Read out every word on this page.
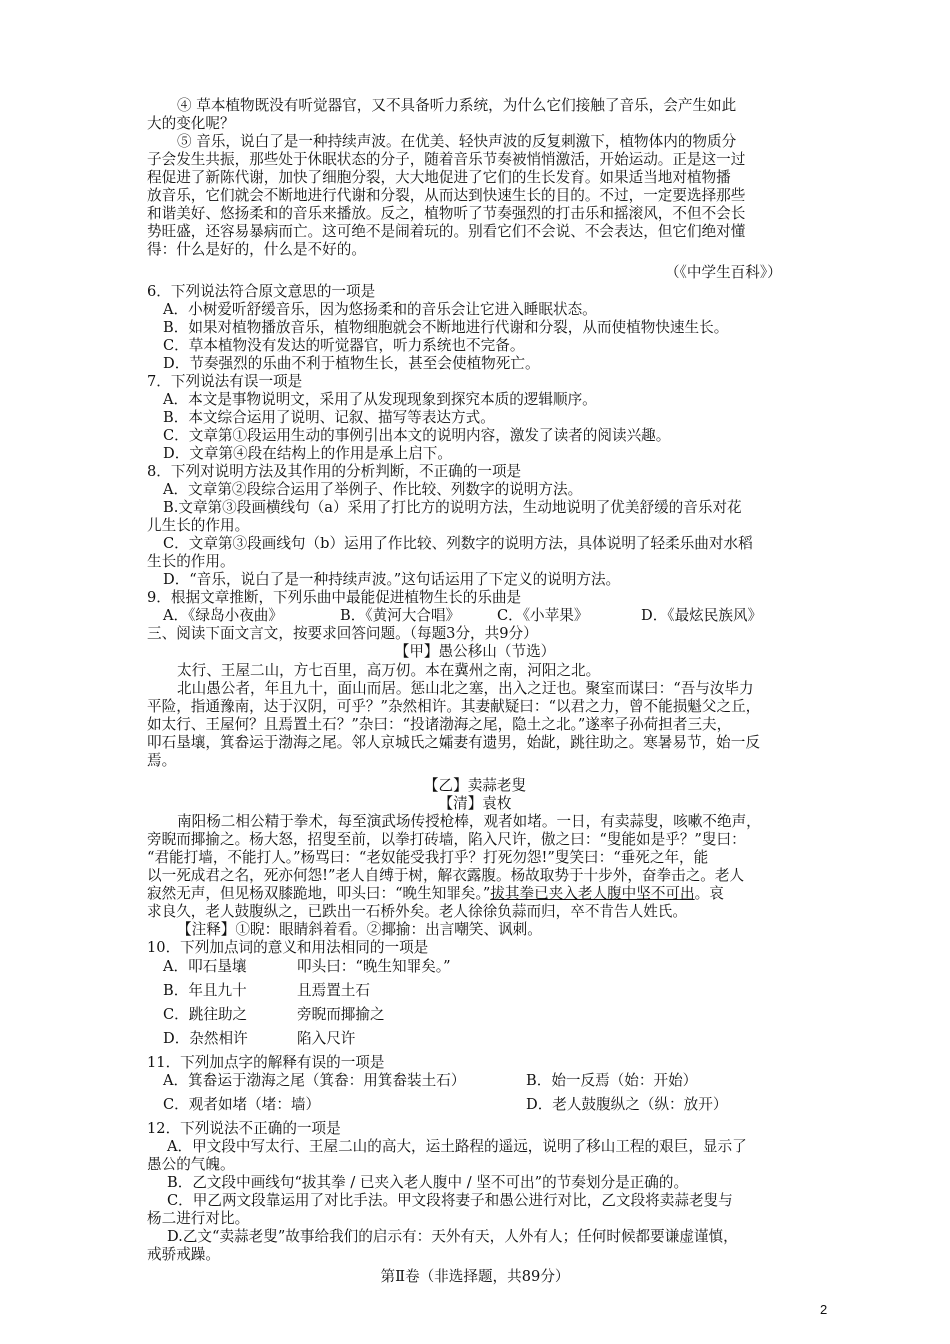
④ 草本植物既没有听觉器官，又不具备听力系统，为什么它们接触了音乐，会产生如此
大的变化呢？
⑤ 音乐，说白了是一种持续声波。在优美、轻快声波的反复刺激下，植物体内的物质分
子会发生共振，那些处于休眠状态的分子，随着音乐节奏被悄悄激活，开始运动。正是这一过
程促进了新陈代谢，加快了细胞分裂，大大地促进了它们的生长发育。如果适当地对植物播
放音乐，它们就会不断地进行代谢和分裂，从而达到快速生长的目的。不过，一定要选择那些
和谐美好、悠扬柔和的音乐来播放。反之，植物听了节奏强烈的打击乐和摇滚风，不但不会长
势旺盛，还容易暴病而亡。这可绝不是闹着玩的。别看它们不会说、不会表达，但它们绝对懂
得：什么是好的，什么是不好的。
（《中学生百科》）
6．下列说法符合原文意思的一项是
A．小树爱听舒缓音乐，因为悠扬柔和的音乐会让它进入睡眠状态。
B．如果对植物播放音乐，植物细胞就会不断地进行代谢和分裂，从而使植物快速生长。
C．草本植物没有发达的听觉器官，听力系统也不完备。
D．节奏强烈的乐曲不利于植物生长，甚至会使植物死亡。
7．下列说法有误一项是
A．本文是事物说明文，采用了从发现现象到探究本质的逻辑顺序。
B．本文综合运用了说明、记叙、描写等表达方式。
C．文章第①段运用生动的事例引出本文的说明内容，激发了读者的阅读兴趣。
D．文章第④段在结构上的作用是承上启下。
8．下列对说明方法及其作用的分析判断，不正确的一项是
A．文章第②段综合运用了举例子、作比较、列数字的说明方法。
B.文章第③段画横线句（a）采用了打比方的说明方法，生动地说明了优美舒缓的音乐对花
儿生长的作用。
C．文章第③段画线句（b）运用了作比较、列数字的说明方法，具体说明了轻柔乐曲对水稻
生长的作用。
D．“音乐，说白了是一种持续声波。”这句话运用了下定义的说明方法。
9．根据文章推断，下列乐曲中最能促进植物生长的乐曲是
A．《绿岛小夜曲》	B．《黄河大合唱》	C．《小苹果》	D．《最炫民族风》
三、阅读下面文言文，按要求回答问题。（每题3分，共9分）
【甲】愚公移山（节选）
太行、王屋二山，方七百里，高万仞。本在冀州之南，河阳之北。
北山愚公者，年且九十，面山而居。惩山北之塞，出入之迂也。聚室而谋曰：“吾与汝毕力
平险，指通豫南，达于汉阴，可乎？”杂然相许。其妻献疑曰：“以君之力，曾不能损魁父之丘，
如太行、王屋何？且焉置土石？”杂曰：“投诸渤海之尾，隐土之北。”遂率子孙荷担者三夫，
叩石垦壤，箕畚运于渤海之尾。邻人京城氏之孀妻有遗男，始龀，跳往助之。寒暑易节，始一反
焉。
【乙】卖蒜老叟
【清】袁枚
南阳杨二相公精于拳术，每至演武场传授枪棒，观者如堵。一日，有卖蒜叟，咳嗽不绝声，
旁睨而揶揄之。杨大怒，招叟至前，以拳打砖墙，陷入尺许，傲之曰：“叟能如是乎？”叟曰：
“君能打墙，不能打人。”杨骂曰：“老奴能受我打乎？打死勿怨!”叟笑曰：“垂死之年，能
以一死成君之名，死亦何怨!”老人自缚于树，解衣露腹。杨故取势于十步外，奋拳击之。老人
寂然无声，但见杨双膝跪地，叩头曰：“晚生知罪矣。”拔其拳已夹入老人腹中坚不可出。哀
求良久，老人鼓腹纵之，已跌出一石桥外矣。老人徐徐负蒜而归，卒不肯告人姓氏。
【注释】①睨：眼睛斜着看。②揶揄：出言嘲笑、讽刺。
10．下列加点词的意义和用法相同的一项是
A．叩石垦壤	叩头曰：“晚生知罪矣。”
B．年且九十	且焉置土石
C．跳往助之	旁睨而揶揄之
D．杂然相许	陷入尺许
11．下列加点字的解释有误的一项是
A．箕畚运于渤海之尾（箕畚：用箕畚装土石）	B．始一反焉（始：开始）
C．观者如堵（堵：墙）	D．老人鼓腹纵之（纵：放开）
12．下列说法不正确的一项是
A．甲文段中写太行、王屋二山的高大，运土路程的遥远，说明了移山工程的艰巨，显示了
愚公的气魄。
B．乙文段中画线句“拔其拳 / 已夹入老人腹中 / 坚不可出”的节奏划分是正确的。
C．甲乙两文段靠运用了对比手法。甲文段将妻子和愚公进行对比，乙文段将卖蒜老叟与
杨二进行对比。
D.乙文“卖蒜老叟”故事给我们的启示有：天外有天，人外有人；任何时候都要谦虚谨慎，
戒骄戒躁。
第Ⅱ卷（非选择题，共89分）
2
